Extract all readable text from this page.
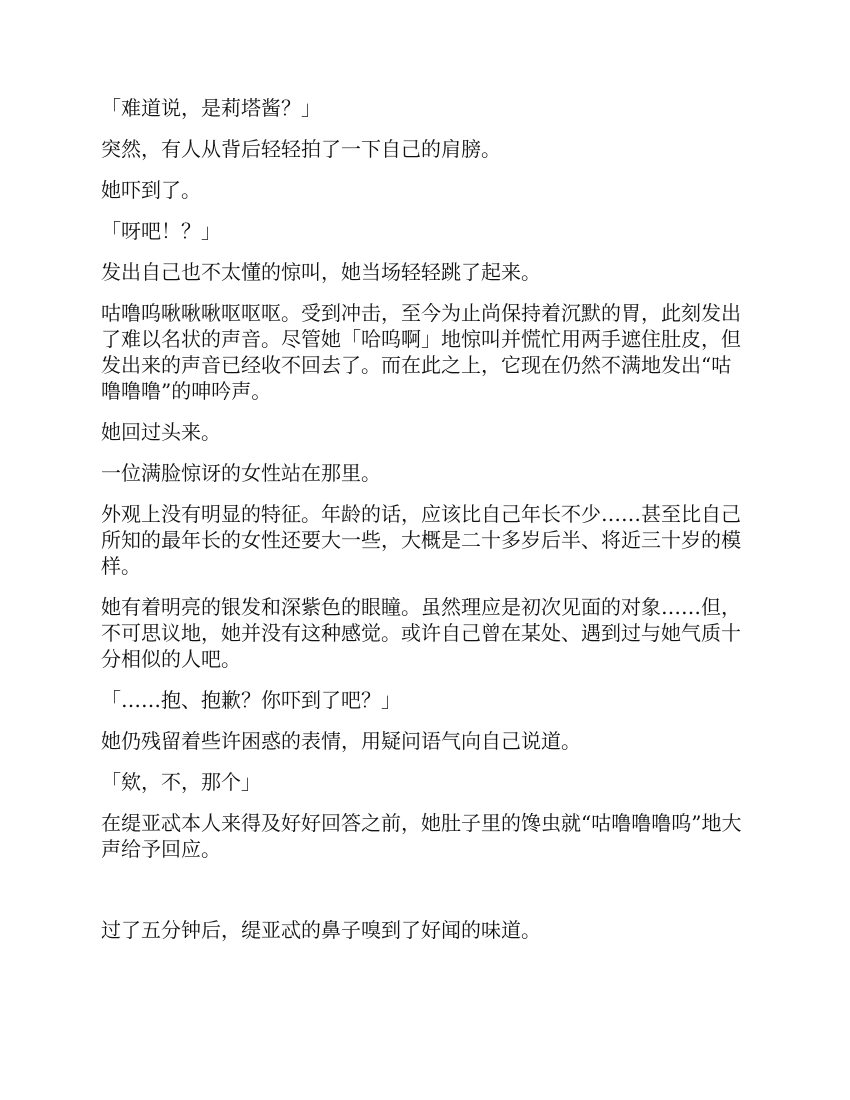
「难道说，是莉塔酱？」

突然，有人从背后轻轻拍了一下自己的肩膀。

她吓到了。

「呀吧！？」

发出自己也不太懂的惊叫，她当场轻轻跳了起来。

咕噜呜啾啾啾呕呕呕。受到冲击，至今为止尚保持着沉默的胃，此刻发出了难以名状的声音。尽管她「哈呜啊」地惊叫并慌忙用两手遮住肚皮，但发出来的声音已经收不回去了。而在此之上，它现在仍然不满地发出“咕噜噜噜”的呻吟声。

她回过头来。

一位满脸惊讶的女性站在那里。

外观上没有明显的特征。年龄的话，应该比自己年长不少……甚至比自己所知的最年长的女性还要大一些，大概是二十多岁后半、将近三十岁的模样。

她有着明亮的银发和深紫色的眼瞳。虽然理应是初次见面的对象……但，不可思议地，她并没有这种感觉。或许自己曾在某处、遇到过与她气质十分相似的人吧。

「……抱、抱歉？你吓到了吧？」

她仍残留着些许困惑的表情，用疑问语气向自己说道。

「欸，不，那个」

在缇亚忒本人来得及好好回答之前，她肚子里的馋虫就“咕噜噜噜呜”地大声给予回应。

过了五分钟后，缇亚忒的鼻子嗅到了好闻的味道。
